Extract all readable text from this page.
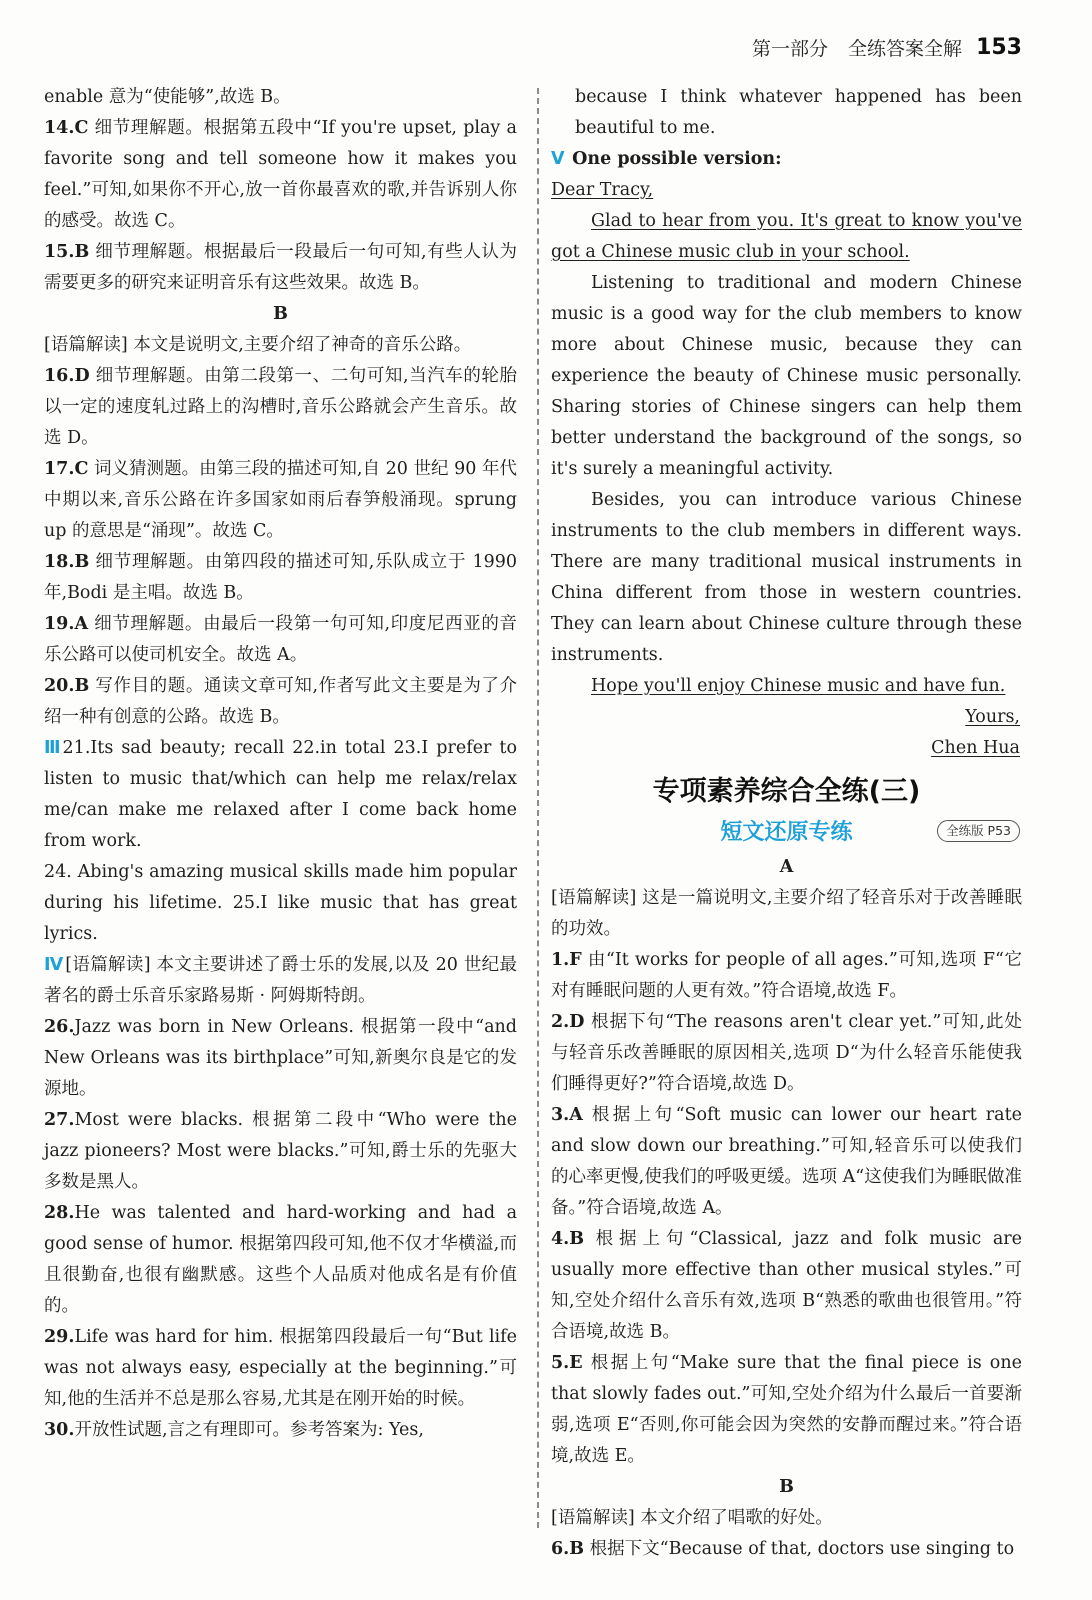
第一部分 全练答案全解 153

enable 意为“使能够”,故选 B。

14.C 细节理解题。根据第五段中“If you're upset, play a favorite song and tell someone how it makes you feel.”可知,如果你不开心,放一首你最喜欢的歌,并告诉别人你的感受。故选 C。

15.B 细节理解题。根据最后一段最后一句可知,有些人认为需要更多的研究来证明音乐有这些效果。故选 B。

B

[语篇解读] 本文是说明文,主要介绍了神奇的音乐公路。

16.D 细节理解题。由第二段第一、二句可知,当汽车的轮胎以一定的速度轧过路上的沟槽时,音乐公路就会产生音乐。故选 D。

17.C 词义猜测题。由第三段的描述可知,自 20 世纪 90 年代中期以来,音乐公路在许多国家如雨后春笋般涌现。sprung up 的意思是“涌现”。故选 C。

18.B 细节理解题。由第四段的描述可知,乐队成立于 1990 年,Bodi 是主唱。故选 B。

19.A 细节理解题。由最后一段第一句可知,印度尼西亚的音乐公路可以使司机安全。故选 A。

20.B 写作目的题。通读文章可知,作者写此文主要是为了介绍一种有创意的公路。故选 B。

Ⅲ 21.Its sad beauty; recall 22.in total 23.I prefer to listen to music that/which can help me relax/relax me/can make me relaxed after I come back home from work.

24. Abing's amazing musical skills made him popular during his lifetime. 25.I like music that has great lyrics.

Ⅳ [语篇解读] 本文主要讲述了爵士乐的发展,以及 20 世纪最著名的爵士乐音乐家路易斯 · 阿姆斯特朗。

26.Jazz was born in New Orleans. 根据第一段中“and New Orleans was its birthplace”可知,新奥尔良是它的发源地。

27.Most were blacks. 根据第二段中“Who were the jazz pioneers? Most were blacks.”可知,爵士乐的先驱大多数是黑人。

28.He was talented and hard-working and had a good sense of humor. 根据第四段可知,他不仅才华横溢,而且很勤奋,也很有幽默感。这些个人品质对他成名是有价值的。

29.Life was hard for him. 根据第四段最后一句“But life was not always easy, especially at the beginning.”可知,他的生活并不总是那么容易,尤其是在刚开始的时候。

30.开放性试题,言之有理即可。参考答案为: Yes,

because I think whatever happened has been beautiful to me.

Ⅴ One possible version:

Dear Tracy,

Glad to hear from you. It's great to know you've got a Chinese music club in your school.

Listening to traditional and modern Chinese music is a good way for the club members to know more about Chinese music, because they can experience the beauty of Chinese music personally. Sharing stories of Chinese singers can help them better understand the background of the songs, so it's surely a meaningful activity.

Besides, you can introduce various Chinese instruments to the club members in different ways. There are many traditional musical instruments in China different from those in western countries. They can learn about Chinese culture through these instruments.

Hope you'll enjoy Chinese music and have fun.

Yours,

Chen Hua

专项素养综合全练(三)
短文还原专练	全练版 P53

A

[语篇解读] 这是一篇说明文,主要介绍了轻音乐对于改善睡眠的功效。

1.F 由“It works for people of all ages.”可知,选项 F“它对有睡眠问题的人更有效。”符合语境,故选 F。

2.D 根据下句“The reasons aren't clear yet.”可知,此处与轻音乐改善睡眠的原因相关,选项 D“为什么轻音乐能使我们睡得更好?”符合语境,故选 D。

3.A 根据上句“Soft music can lower our heart rate and slow down our breathing.”可知,轻音乐可以使我们的心率更慢,使我们的呼吸更缓。选项 A“这使我们为睡眠做准备。”符合语境,故选 A。

4.B 根据上句“Classical, jazz and folk music are usually more effective than other musical styles.”可知,空处介绍什么音乐有效,选项 B“熟悉的歌曲也很管用。”符合语境,故选 B。

5.E 根据上句“Make sure that the final piece is one that slowly fades out.”可知,空处介绍为什么最后一首要渐弱,选项 E“否则,你可能会因为突然的安静而醒过来。”符合语境,故选 E。

B

[语篇解读] 本文介绍了唱歌的好处。

6.B 根据下文“Because of that, doctors use singing to
